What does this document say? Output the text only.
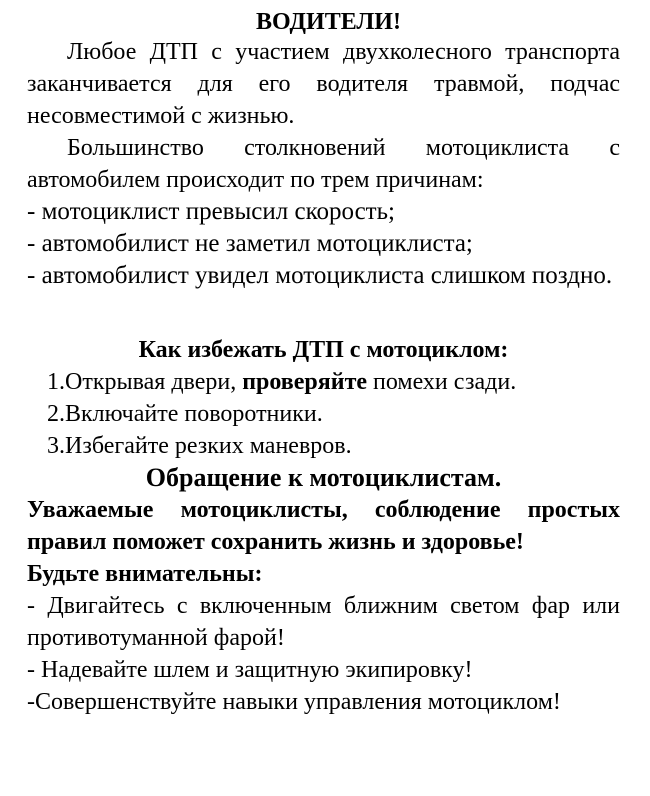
ВОДИТЕЛИ!

Любое ДТП с участием двухколесного транспорта заканчивается для его водителя травмой, подчас несовместимой с жизнью.

Большинство столкновений мотоциклиста с автомобилем происходит по трем причинам:

- мотоциклист превысил скорость;

- автомобилист не заметил мотоциклиста;

- автомобилист увидел мотоциклиста слишком поздно.

Как избежать ДТП с мотоциклом:

1.Открывая двери, проверяйте помехи сзади.
2.Включайте поворотники.
3.Избегайте резких маневров.

Обращение к мотоциклистам.

Уважаемые мотоциклисты, соблюдение простых правил поможет сохранить жизнь и здоровье!

Будьте внимательны:

- Двигайтесь с включенным ближним светом фар или противотуманной фарой!

- Надевайте шлем и защитную экипировку!

-Совершенствуйте навыки управления мотоциклом!
